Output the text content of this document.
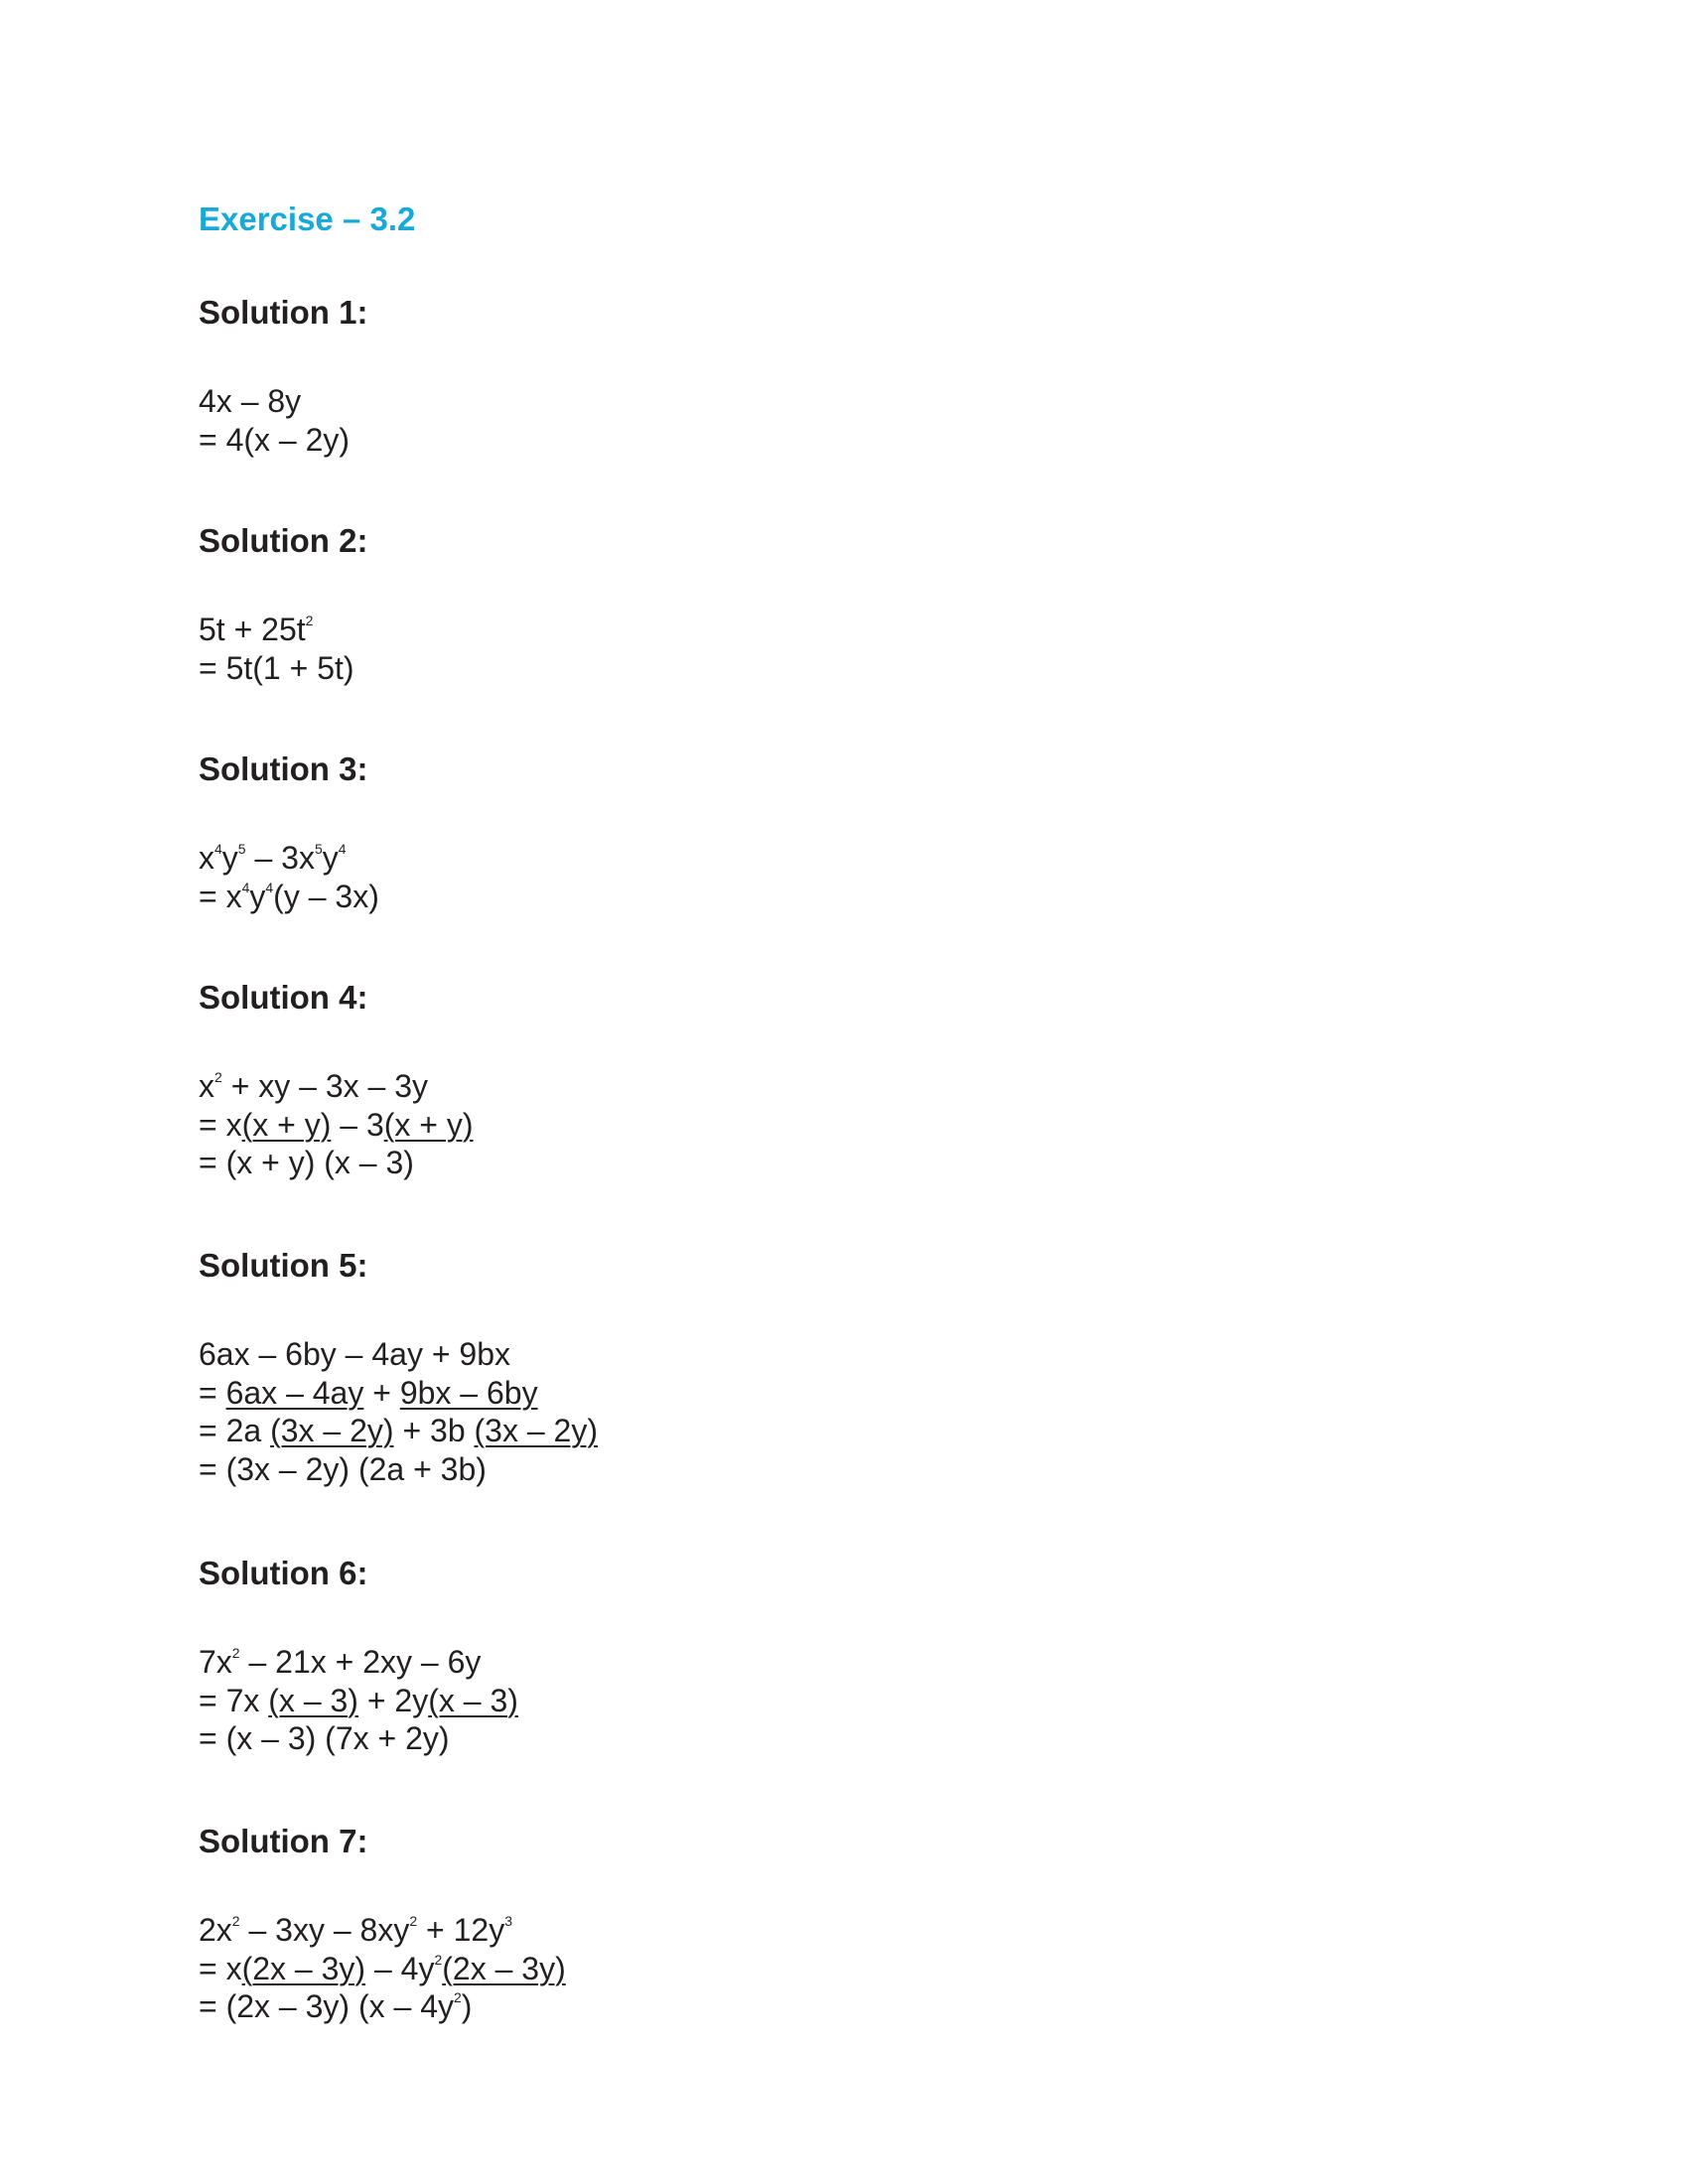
Exercise – 3.2
Solution 1:
4x – 8y
= 4(x – 2y)
Solution 2:
$5t + 25t^2$
= 5t(1 + 5t)
Solution 3:
$x^4y^5 - 3x^5y^4$
= $x^4y^4(y - 3x)$
Solution 4:
$x^2$ + xy – 3x – 3y
= x(x + y) – 3(x + y)
= (x + y) (x – 3)
Solution 5:
6ax – 6by – 4ay + 9bx
= 6ax – 4ay + 9bx – 6by
= 2a (3x – 2y) + 3b (3x – 2y)
= (3x – 2y) (2a + 3b)
Solution 6:
$7x^2 - 21x + 2xy - 6y$
= 7x (x – 3) + 2y(x – 3)
= (x – 3) (7x + 2y)
Solution 7:
$2x^2 - 3xy - 8xy^2 + 12y^3$
= $x(2x - 3y) - 4y^2(2x - 3y)$
= (2x – 3y) $(x - 4y^2)$
